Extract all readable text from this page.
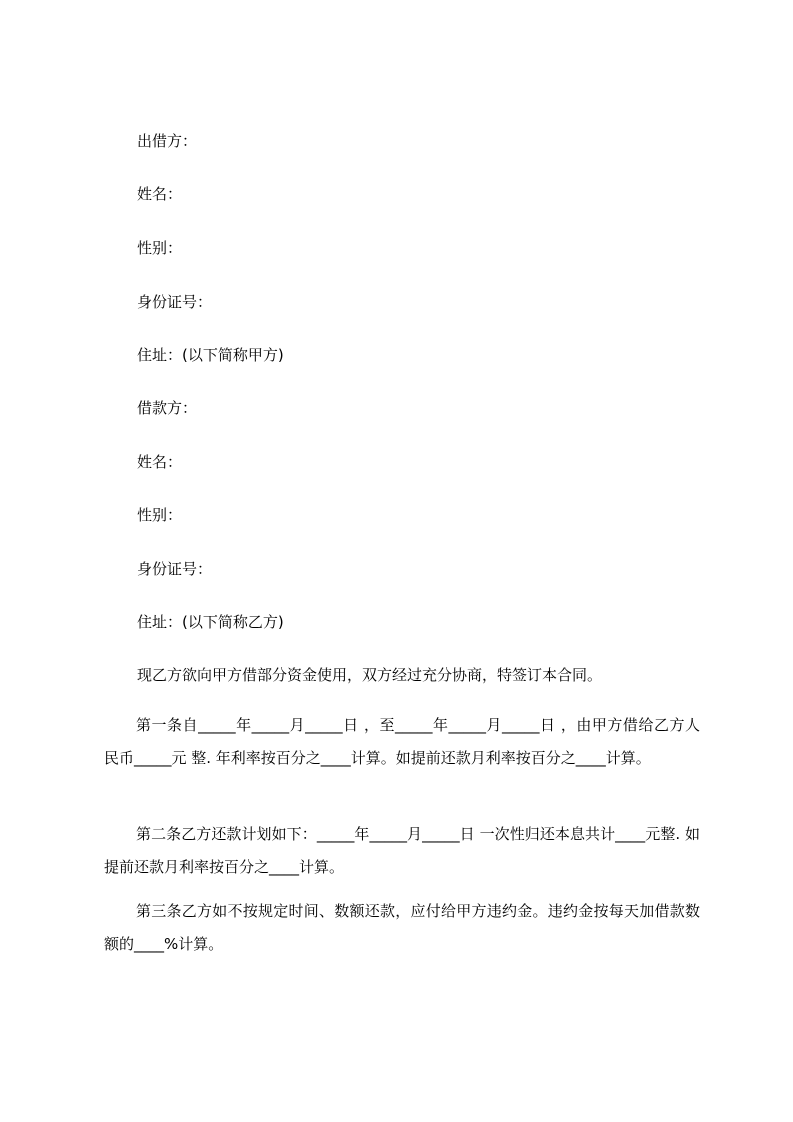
出借方：
姓名：
性别：
身份证号：
住址：(以下简称甲方)
借款方：
姓名：
性别：
身份证号：
住址：(以下简称乙方)
现乙方欲向甲方借部分资金使用，双方经过充分协商，特签订本合同。
第一条自_____年_____月_____日 ，至_____年_____月_____日 ，由甲方借给乙方人民币_____元 整. 年利率按百分之____计算。如提前还款月利率按百分之____计算。
第二条乙方还款计划如下：_____年_____月_____日 一次性归还本息共计____元整. 如提前还款月利率按百分之____计算。
第三条乙方如不按规定时间、数额还款，应付给甲方违约金。违约金按每天加借款数额的____%计算。
